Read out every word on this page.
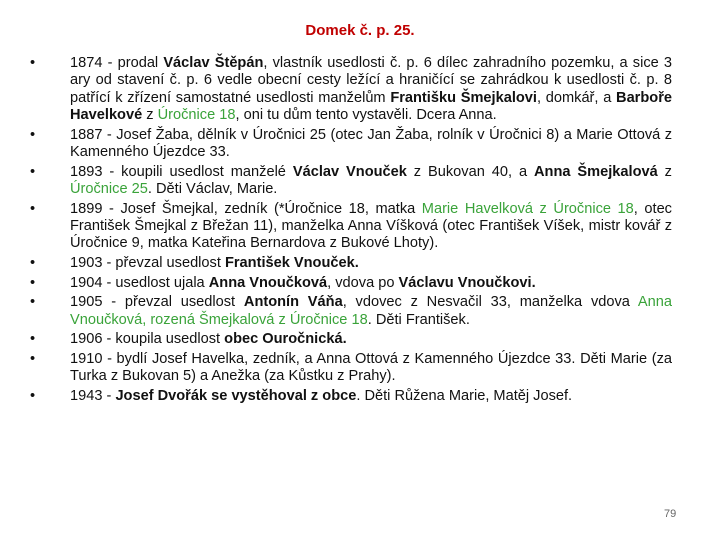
Domek č. p. 25.
• 1874 - prodal Václav Štěpán, vlastník usedlosti č. p. 6 dílec zahradního pozemku, a sice 3 ary od stavení č. p. 6 vedle obecní cesty ležící a hraničící se zahrádkou k usedlosti č. p. 8 patřící k zřízení samostatné usedlosti manželům Františku Šmejkalovi, domkář, a Barboře Havelkové z Úročnice 18, oni tu dům tento vystavěli. Dcera Anna.
• 1887 - Josef Žaba, dělník v Úročnici 25 (otec Jan Žaba, rolník v Úročnici 8) a Marie Ottová z Kamenného Újezdce 33.
• 1893 - koupili usedlost manželé Václav Vnouček z Bukovan 40, a Anna Šmejkalová z Úročnice 25. Děti Václav, Marie.
• 1899 - Josef Šmejkal, zedník (*Úročnice 18, matka Marie Havelková z Úročnice 18, otec František Šmejkal z Břežan 11), manželka Anna Víšková (otec František Víšek, mistr kovář z Úročnice 9, matka Kateřina Bernardova z Bukové Lhoty).
• 1903 - převzal usedlost František Vnouček.
• 1904 - usedlost ujala Anna Vnoučková, vdova po Václavu Vnoučkovi.
• 1905 - převzal usedlost Antonín Váňa, vdovec z Nesvačil 33, manželka vdova Anna Vnoučková, rozená Šmejkalová z Úročnice 18. Děti František.
• 1906 - koupila usedlost obec Ouročnická.
• 1910 - bydlí Josef Havelka, zedník, a Anna Ottová z Kamenného Újezdce 33. Děti Marie (za Turka z Bukovan 5) a Anežka (za Kůstku z Prahy).
• 1943 - Josef Dvořák se vystěhoval z obce. Děti Růžena Marie, Matěj Josef.
79
